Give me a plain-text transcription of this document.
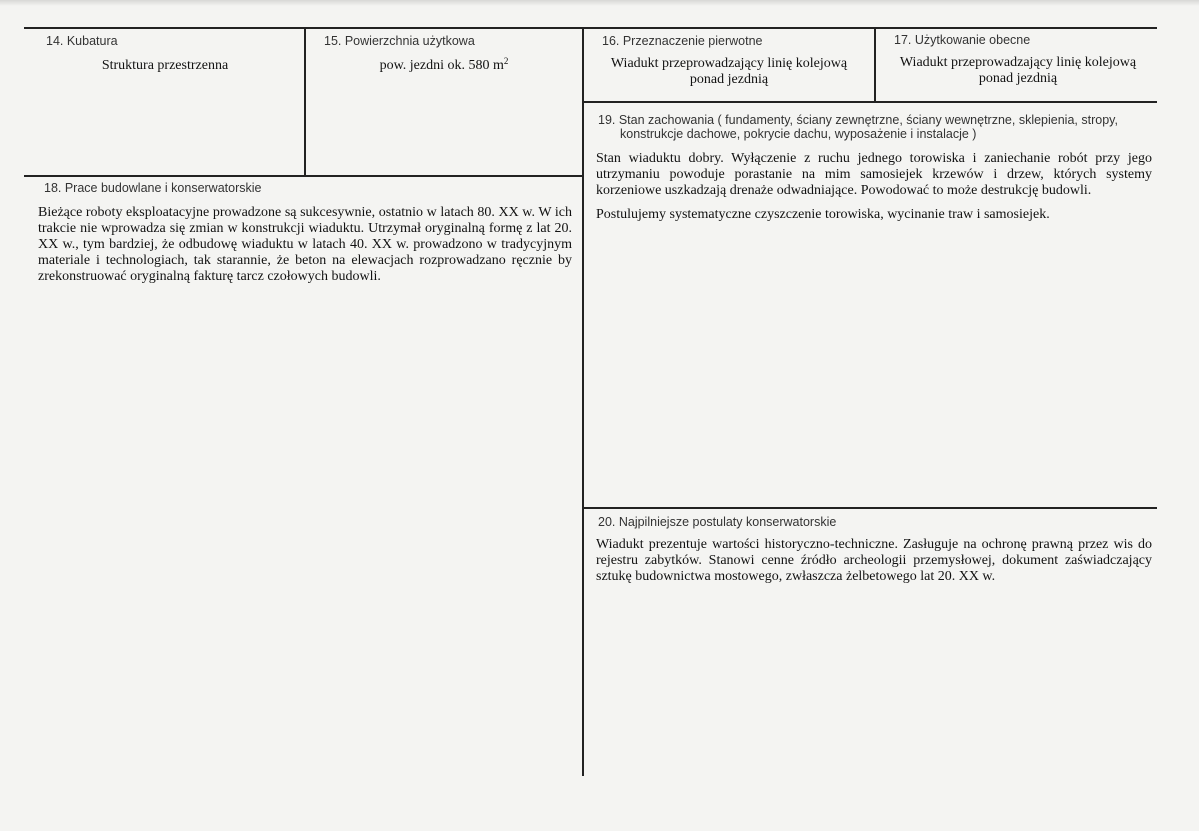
14. Kubatura
Struktura przestrzenna
15. Powierzchnia użytkowa
pow. jezdni ok. 580 $m^2$
16. Przeznaczenie pierwotne
Wiadukt przeprowadzający linię kolejową
ponad jezdnią
17. Użytkowanie obecne
Wiadukt przeprowadzający linię kolejową
ponad jezdnią
19. Stan zachowania ( fundamenty, ściany zewnętrzne, ściany wewnętrzne, sklepienia, stropy,
konstrukcje dachowe, pokrycie dachu, wyposażenie i instalacje )

Stan wiaduktu dobry. Wyłączenie z ruchu jednego torowiska i zaniechanie robót przy jego utrzymaniu powoduje porastanie na mim samosiejek krzewów i drzew, których systemy korzeniowe uszkadzają drenaże odwadniające. Powodować to może destrukcję budowli.

Postulujemy systematyczne czyszczenie torowiska, wycinanie traw i samosiejek.

18. Prace budowlane i konserwatorskie
Bieżące roboty eksploatacyjne prowadzone są sukcesywnie, ostatnio w latach 80. XX w. W ich trakcie nie wprowadza się zmian w konstrukcji wiaduktu. Utrzymał oryginalną formę z lat 20. XX w., tym bardziej, że odbudowę wiaduktu w latach 40. XX w. prowadzono w tradycyjnym materiale i technologiach, tak starannie, że beton na elewacjach rozprowadzano ręcznie by zrekonstruować oryginalną fakturę tarcz czołowych budowli.
20. Najpilniejsze postulaty konserwatorskie
Wiadukt prezentuje wartości historyczno-techniczne. Zasługuje na ochronę prawną przez wis do rejestru zabytków. Stanowi cenne źródło archeologii przemysłowej, dokument zaświadczający sztukę budownictwa mostowego, zwłaszcza żelbetowego lat 20. XX w.
